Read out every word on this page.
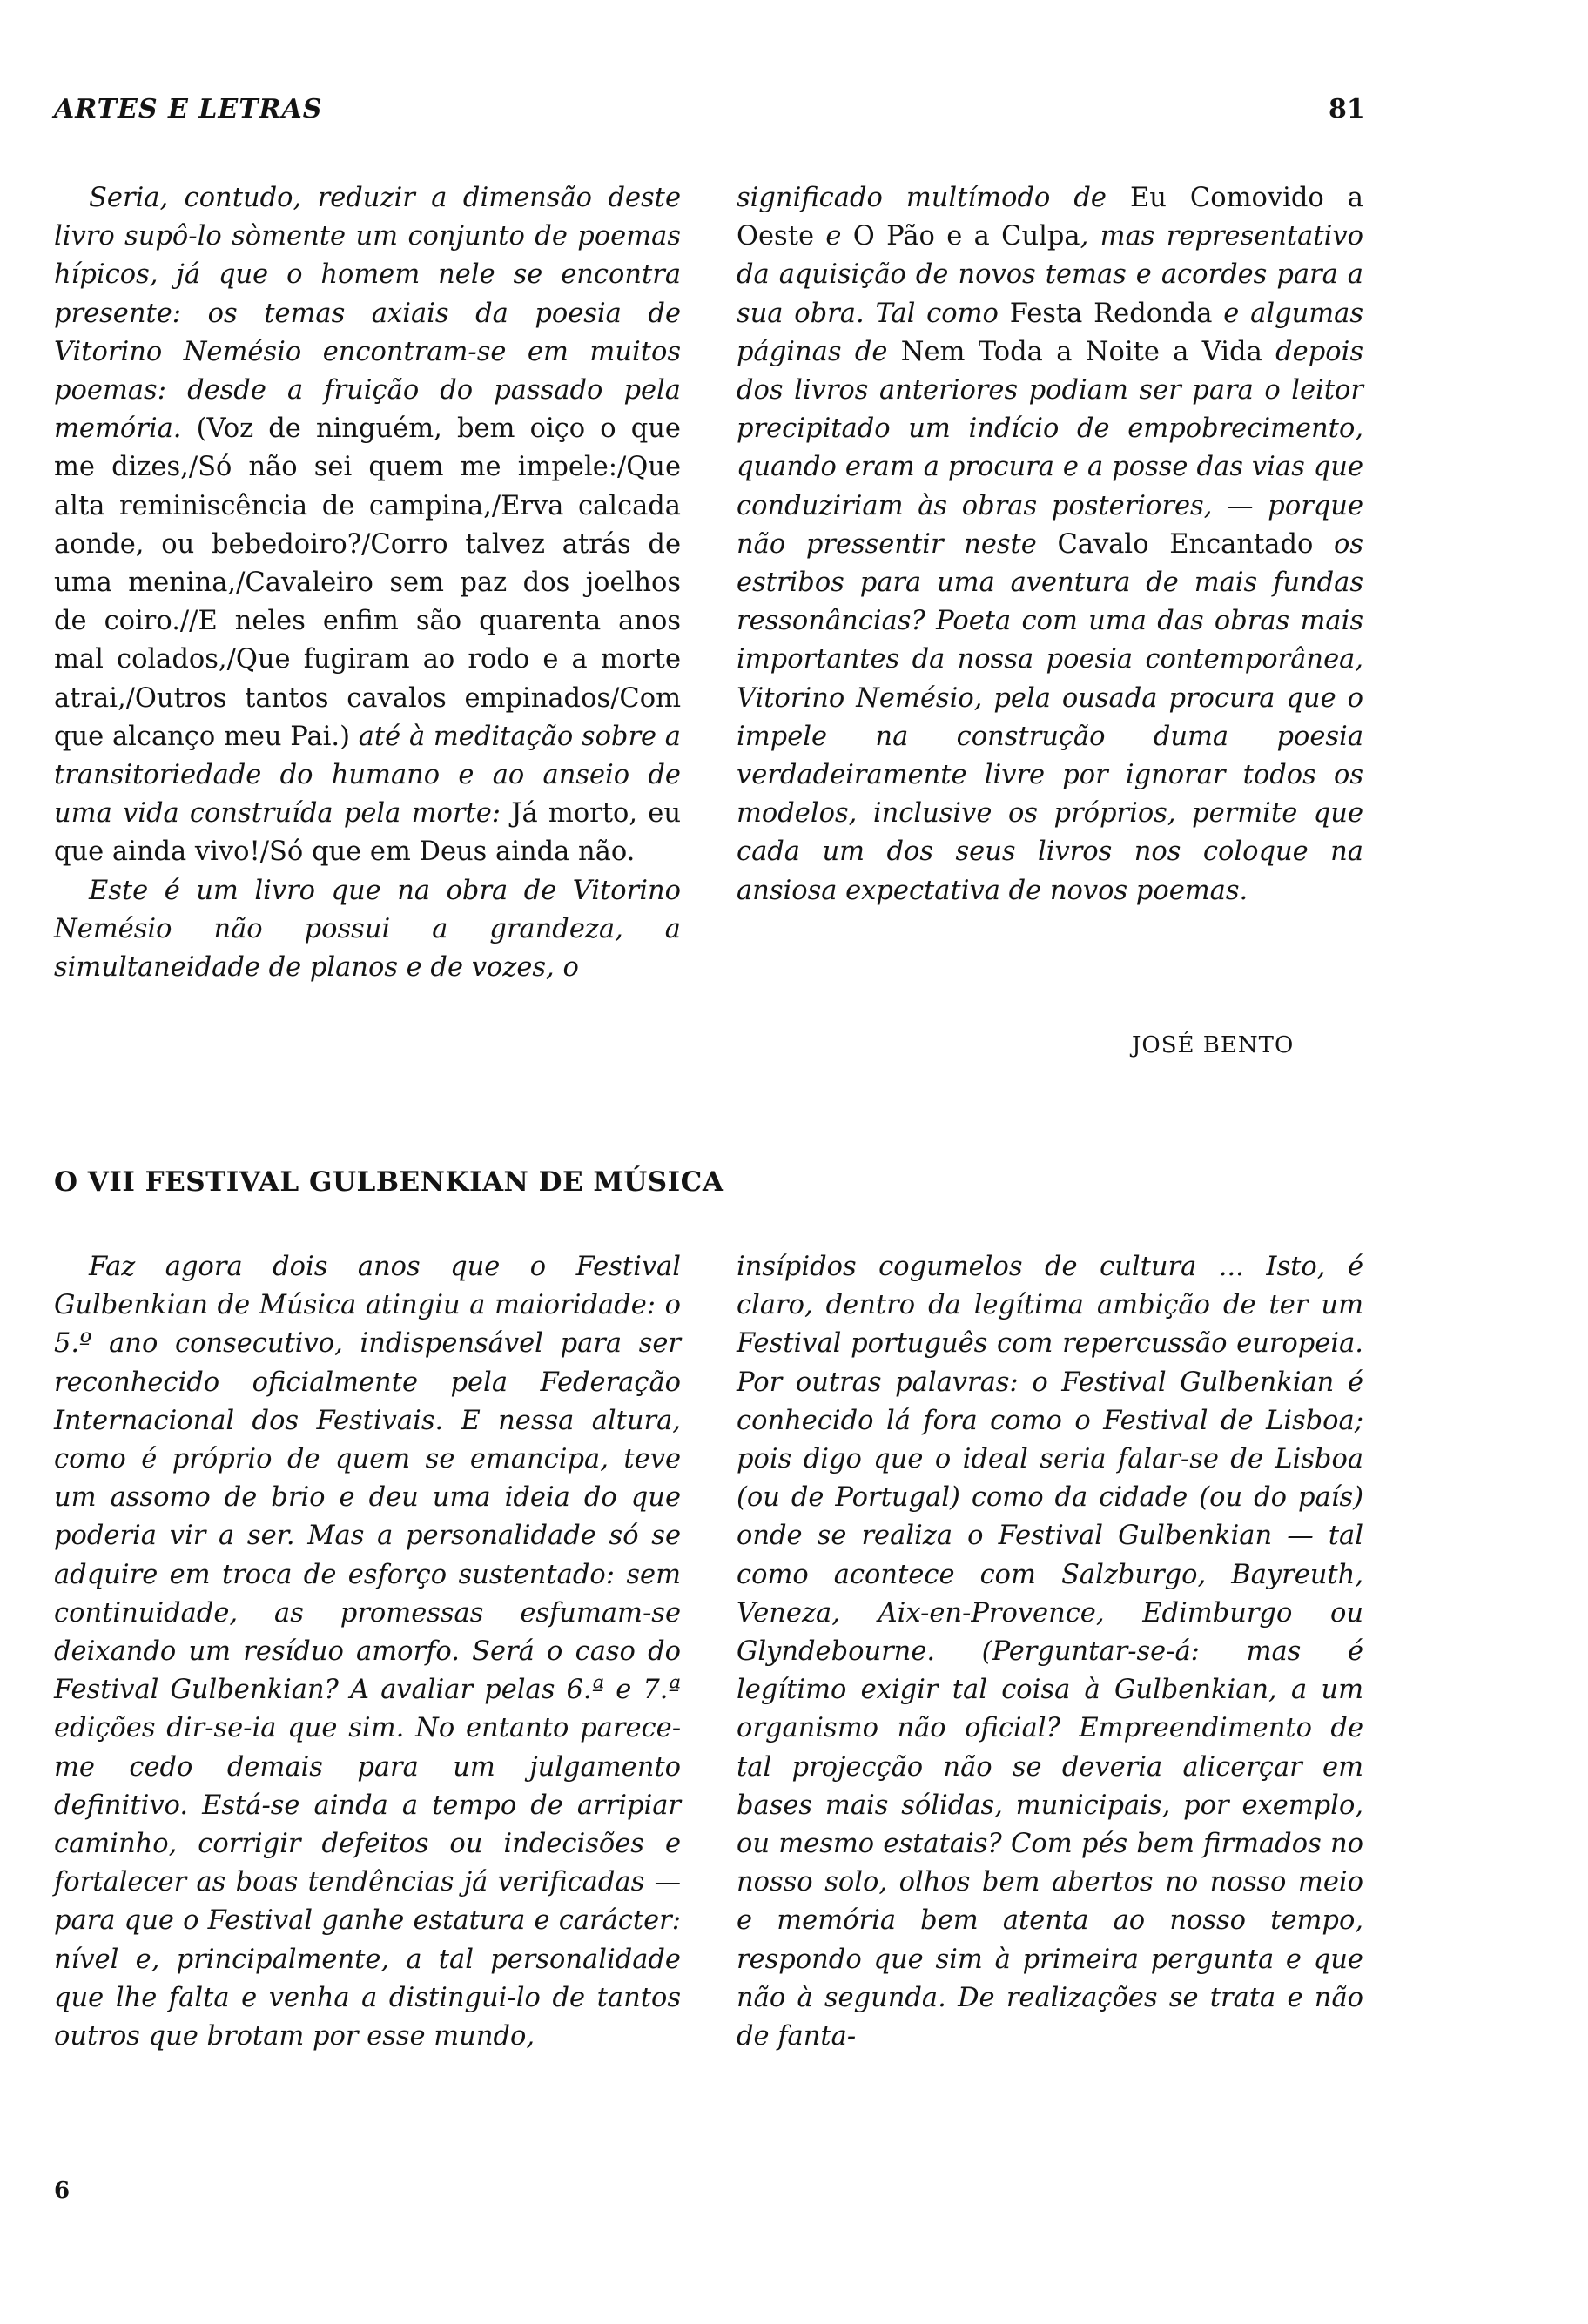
ARTES E LETRAS	81

Seria, contudo, reduzir a dimensão deste livro supô-lo sòmente um conjunto de poemas hípicos, já que o homem nele se encontra presente: os temas axiais da poesia de Vitorino Nemésio encontram-se em muitos poemas: desde a fruição do passado pela memória. (Voz de ninguém, bem oiço o que me dizes,/Só não sei quem me impele:/Que alta reminiscência de campina,/Erva calcada aonde, ou bebedoiro?/Corro talvez atrás de uma menina,/Cavaleiro sem paz dos joelhos de coiro.//E neles enfim são quarenta anos mal colados,/Que fugiram ao rodo e a morte atrai,/Outros tantos cavalos empinados/Com que alcanço meu Pai.) até à meditação sobre a transitoriedade do humano e ao anseio de uma vida construída pela morte: Já morto, eu que ainda vivo!/Só que em Deus ainda não.

Este é um livro que na obra de Vitorino Nemésio não possui a grandeza, a simultaneidade de planos e de vozes, o

significado multímodo de Eu Comovido a Oeste e O Pão e a Culpa, mas representativo da aquisição de novos temas e acordes para a sua obra. Tal como Festa Redonda e algumas páginas de Nem Toda a Noite a Vida depois dos livros anteriores podiam ser para o leitor precipitado um indício de empobrecimento, quando eram a procura e a posse das vias que conduziriam às obras posteriores, — porque não pressentir neste Cavalo Encantado os estribos para uma aventura de mais fundas ressonâncias? Poeta com uma das obras mais importantes da nossa poesia contemporânea, Vitorino Nemésio, pela ousada procura que o impele na construção duma poesia verdadeiramente livre por ignorar todos os modelos, inclusive os próprios, permite que cada um dos seus livros nos coloque na ansiosa expectativa de novos poemas.

JOSÉ BENTO
O VII FESTIVAL GULBENKIAN DE MÚSICA

Faz agora dois anos que o Festival Gulbenkian de Música atingiu a maioridade: o 5.º ano consecutivo, indispensável para ser reconhecido oficialmente pela Federação Internacional dos Festivais. E nessa altura, como é próprio de quem se emancipa, teve um assomo de brio e deu uma ideia do que poderia vir a ser. Mas a personalidade só se adquire em troca de esforço sustentado: sem continuidade, as promessas esfumam-se deixando um resíduo amorfo. Será o caso do Festival Gulbenkian? A avaliar pelas 6.ª e 7.ª edições dir-se-ia que sim. No entanto parece-me cedo demais para um julgamento definitivo. Está-se ainda a tempo de arripiar caminho, corrigir defeitos ou indecisões e fortalecer as boas tendências já verificadas — para que o Festival ganhe estatura e carácter: nível e, principalmente, a tal personalidade que lhe falta e venha a distingui-lo de tantos outros que brotam por esse mundo,

insípidos cogumelos de cultura ... Isto, é claro, dentro da legítima ambição de ter um Festival português com repercussão europeia. Por outras palavras: o Festival Gulbenkian é conhecido lá fora como o Festival de Lisboa; pois digo que o ideal seria falar-se de Lisboa (ou de Portugal) como da cidade (ou do país) onde se realiza o Festival Gulbenkian — tal como acontece com Salzburgo, Bayreuth, Veneza, Aix-en-Provence, Edimburgo ou Glyndebourne. (Perguntar-se-á: mas é legítimo exigir tal coisa à Gulbenkian, a um organismo não oficial? Empreendimento de tal projecção não se deveria alicerçar em bases mais sólidas, municipais, por exemplo, ou mesmo estatais? Com pés bem firmados no nosso solo, olhos bem abertos no nosso meio e memória bem atenta ao nosso tempo, respondo que sim à primeira pergunta e que não à segunda. De realizações se trata e não de fanta-

6
